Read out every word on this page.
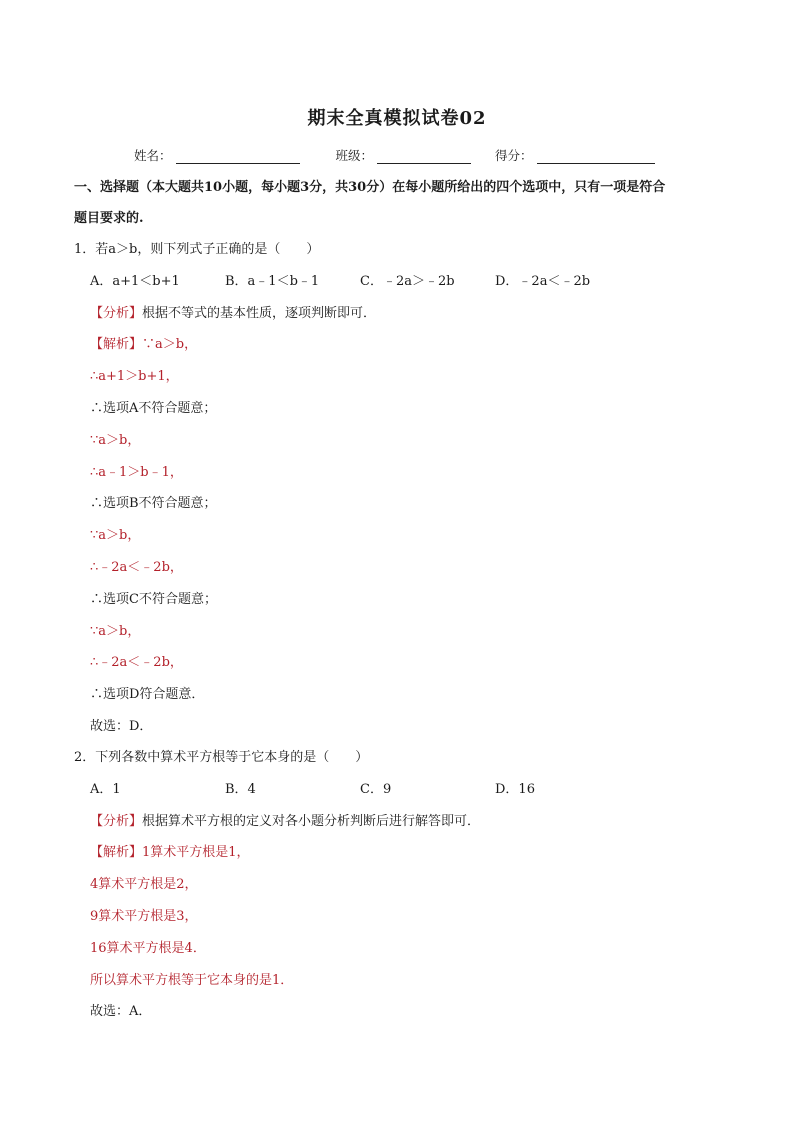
期末全真模拟试卷02
姓名：	班级：	得分：
一、选择题（本大题共10小题，每小题3分，共30分）在每小题所给出的四个选项中，只有一项是符合
题目要求的.
1．若a＞b，则下列式子正确的是（　　）
A．a+1＜b+1	B．a﹣1＜b﹣1	C．﹣2a＞﹣2b	D．﹣2a＜﹣2b
【分析】根据不等式的基本性质，逐项判断即可．
【解析】∵a＞b，
∴a+1＞b+1，
∴选项A不符合题意；
∵a＞b，
∴a﹣1＞b﹣1，
∴选项B不符合题意；
∵a＞b，
∴﹣2a＜﹣2b，
∴选项C不符合题意；
∵a＞b，
∴﹣2a＜﹣2b，
∴选项D符合题意．
故选：D．
2．下列各数中算术平方根等于它本身的是（　　）
A．1	B．4	C．9	D．16
【分析】根据算术平方根的定义对各小题分析判断后进行解答即可．
【解析】1算术平方根是1，
4算术平方根是2，
9算术平方根是3，
16算术平方根是4．
所以算术平方根等于它本身的是1．
故选：A．
